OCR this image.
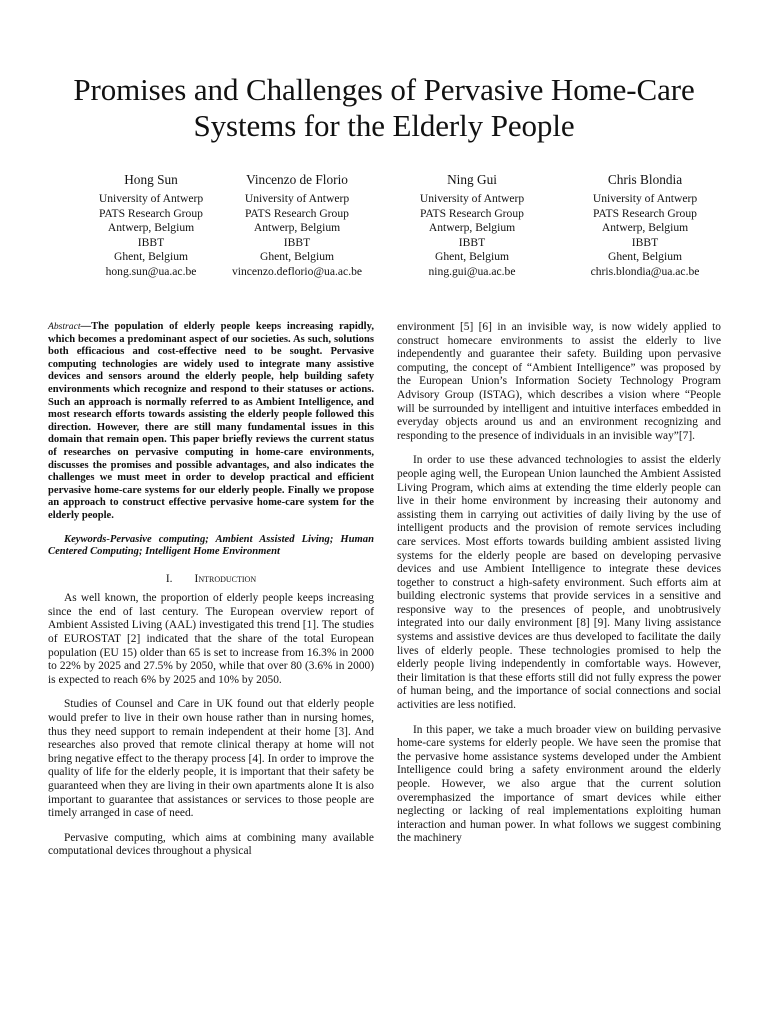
Promises and Challenges of Pervasive Home-Care Systems for the Elderly People
Hong Sun
University of Antwerp
PATS Research Group
Antwerp, Belgium
IBBT
Ghent, Belgium
hong.sun@ua.ac.be
Vincenzo de Florio
University of Antwerp
PATS Research Group
Antwerp, Belgium
IBBT
Ghent, Belgium
vincenzo.deflorio@ua.ac.be
Ning Gui
University of Antwerp
PATS Research Group
Antwerp, Belgium
IBBT
Ghent, Belgium
ning.gui@ua.ac.be
Chris Blondia
University of Antwerp
PATS Research Group
Antwerp, Belgium
IBBT
Ghent, Belgium
chris.blondia@ua.ac.be

Abstract—The population of elderly people keeps increasing rapidly, which becomes a predominant aspect of our societies. As such, solutions both efficacious and cost-effective need to be sought. Pervasive computing technologies are widely used to integrate many assistive devices and sensors around the elderly people, help building safety environments which recognize and respond to their statuses or actions. Such an approach is normally referred to as Ambient Intelligence, and most research efforts towards assisting the elderly people followed this direction. However, there are still many fundamental issues in this domain that remain open. This paper briefly reviews the current status of researches on pervasive computing in home-care environments, discusses the promises and possible advantages, and also indicates the challenges we must meet in order to develop practical and efficient pervasive home-care systems for our elderly people. Finally we propose an approach to construct effective pervasive home-care system for the elderly people.

Keywords-Pervasive computing; Ambient Assisted Living; Human Centered Computing; Intelligent Home Environment

I. Introduction

As well known, the proportion of elderly people keeps increasing since the end of last century. The European overview report of Ambient Assisted Living (AAL) investigated this trend [1]. The studies of EUROSTAT [2] indicated that the share of the total European population (EU 15) older than 65 is set to increase from 16.3% in 2000 to 22% by 2025 and 27.5% by 2050, while that over 80 (3.6% in 2000) is expected to reach 6% by 2025 and 10% by 2050.

Studies of Counsel and Care in UK found out that elderly people would prefer to live in their own house rather than in nursing homes, thus they need support to remain independent at their home [3]. And researches also proved that remote clinical therapy at home will not bring negative effect to the therapy process [4]. In order to improve the quality of life for the elderly people, it is important that their safety be guaranteed when they are living in their own apartments alone It is also important to guarantee that assistances or services to those people are timely arranged in case of need.

Pervasive computing, which aims at combining many available computational devices throughout a physical

environment [5] [6] in an invisible way, is now widely applied to construct homecare environments to assist the elderly to live independently and guarantee their safety. Building upon pervasive computing, the concept of “Ambient Intelligence” was proposed by the European Union’s Information Society Technology Program Advisory Group (ISTAG), which describes a vision where “People will be surrounded by intelligent and intuitive interfaces embedded in everyday objects around us and an environment recognizing and responding to the presence of individuals in an invisible way”[7].

In order to use these advanced technologies to assist the elderly people aging well, the European Union launched the Ambient Assisted Living Program, which aims at extending the time elderly people can live in their home environment by increasing their autonomy and assisting them in carrying out activities of daily living by the use of intelligent products and the provision of remote services including care services. Most efforts towards building ambient assisted living systems for the elderly people are based on developing pervasive devices and use Ambient Intelligence to integrate these devices together to construct a high-safety environment. Such efforts aim at building electronic systems that provide services in a sensitive and responsive way to the presences of people, and unobtrusively integrated into our daily environment [8] [9]. Many living assistance systems and assistive devices are thus developed to facilitate the daily lives of elderly people. These technologies promised to help the elderly people living independently in comfortable ways. However, their limitation is that these efforts still did not fully express the power of human being, and the importance of social connections and social activities are less notified.

In this paper, we take a much broader view on building pervasive home-care systems for elderly people. We have seen the promise that the pervasive home assistance systems developed under the Ambient Intelligence could bring a safety environment around the elderly people. However, we also argue that the current solution overemphasized the importance of smart devices while either neglecting or lacking of real implementations exploiting human interaction and human power. In what follows we suggest combining the machinery
